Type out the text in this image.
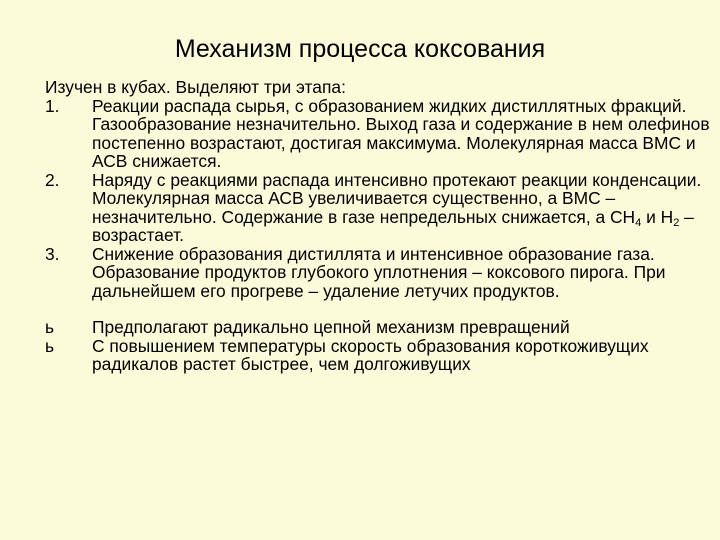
Механизм процесса коксования
Изучен в кубах. Выделяют три этапа:
1. Реакции распада сырья, с образованием жидких дистиллятных фракций. Газообразование незначительно. Выход газа и содержание в нем олефинов постепенно возрастают, достигая максимума. Молекулярная масса ВМС и АСВ снижается.
2. Наряду с реакциями распада интенсивно протекают реакции конденсации. Молекулярная масса АСВ увеличивается существенно, а ВМС – незначительно. Содержание в газе непредельных снижается, а $СН_4$ и $Н_2$ – возрастает.
3. Снижение образования дистиллята и интенсивное образование газа. Образование продуктов глубокого уплотнения – коксового пирога. При дальнейшем его прогреве – удаление летучих продуктов.
ь Предполагают радикально цепной механизм превращений
ь С повышением температуры скорость образования короткоживущих радикалов растет быстрее, чем долгоживущих
